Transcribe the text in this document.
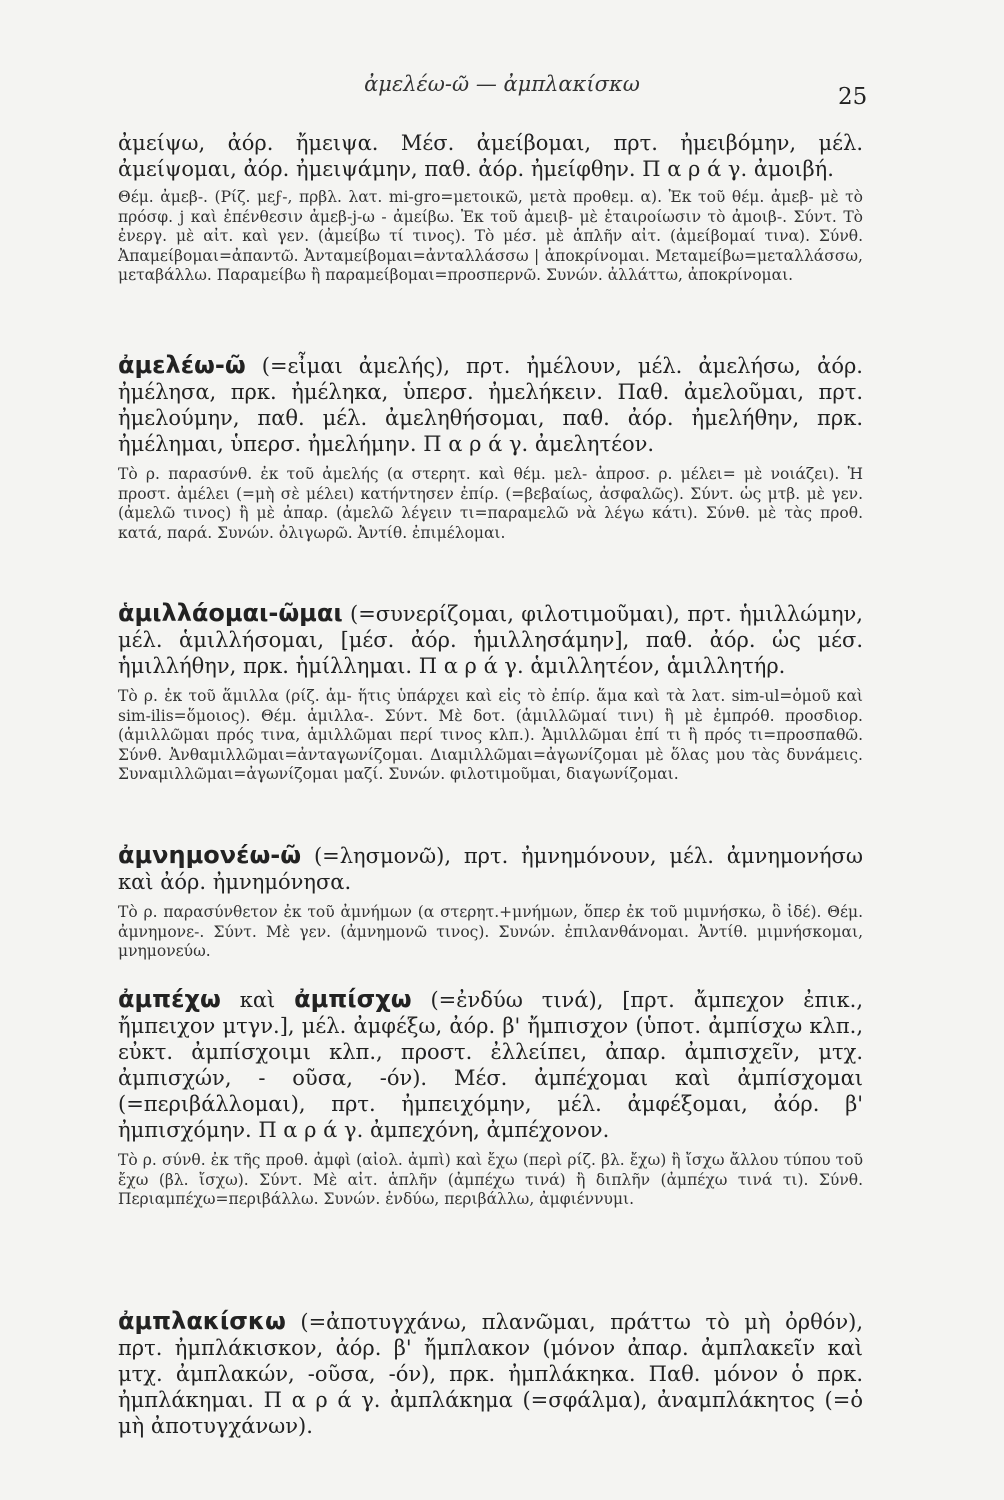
ἀμελέω-ῶ — ἀμπλακίσκω	25

ἀμείψω, ἀόρ. ἤμειψα. Μέσ. ἀμείβομαι, πρτ. ἠμειβόμην, μέλ. ἀμείψομαι, ἀόρ. ἠμειψάμην, παθ. ἀόρ. ἠμείφθην. Π α ρ ά γ. ἀμοιβή.

Θέμ. ἀμεβ-. (Ρίζ. μεϝ-, πρβλ. λατ. mi-gro=μετοικῶ, μετὰ προθεμ. α). Ἐκ τοῦ θέμ. ἀμεβ- μὲ τὸ πρόσφ. j καὶ ἐπένθεσιν ἀμεβ-j-ω - ἀμείβω. Ἐκ τοῦ ἀμειβ- μὲ ἑταιροίωσιν τὸ ἀμοιβ-. Σύντ. Τὸ ἐνεργ. μὲ αἰτ. καὶ γεν. (ἀμείβω τί τινος). Τὸ μέσ. μὲ ἁπλῆν αἰτ. (ἀμείβομαί τινα). Σύνθ. Ἀπαμείβομαι=ἀπαντῶ. Ἀνταμείβομαι=ἀνταλλάσσω | ἀποκρίνομαι. Μεταμείβω=μεταλλάσσω, μεταβάλλω. Παραμείβω ἢ παραμείβομαι=προσπερνῶ. Συνών. ἀλλάττω, ἀποκρίνομαι.

ἀμελέω-ῶ (=εἶμαι ἀμελής), πρτ. ἠμέλουν, μέλ. ἀμελήσω, ἀόρ. ἠμέλησα, πρκ. ἠμέληκα, ὑπερσ. ἠμελήκειν. Παθ. ἀμελοῦμαι, πρτ. ἠμελούμην, παθ. μέλ. ἀμεληθήσομαι, παθ. ἀόρ. ἠμελήθην, πρκ. ἠμέλημαι, ὑπερσ. ἠμελήμην. Π α ρ ά γ. ἀμελητέον.

Τὸ ρ. παρασύνθ. ἐκ τοῦ ἀμελής (α στερητ. καὶ θέμ. μελ- ἀπροσ. ρ. μέλει= μὲ νοιάζει). Ἡ προστ. ἀμέλει (=μὴ σὲ μέλει) κατήντησεν ἐπίρ. (=βεβαίως, ἀσφαλῶς). Σύντ. ὡς μτβ. μὲ γεν. (ἀμελῶ τινος) ἢ μὲ ἀπαρ. (ἀμελῶ λέγειν τι=παραμελῶ νὰ λέγω κάτι). Σύνθ. μὲ τὰς προθ. κατά, παρά. Συνών. ὀλιγωρῶ. Ἀντίθ. ἐπιμέλομαι.

ἁμιλλάομαι-ῶμαι (=συνερίζομαι, φιλοτιμοῦμαι), πρτ. ἡμιλλώμην, μέλ. ἁμιλλήσομαι, [μέσ. ἀόρ. ἡμιλλησάμην], παθ. ἀόρ. ὡς μέσ. ἡμιλλήθην, πρκ. ἡμίλλημαι. Π α ρ ά γ. ἁμιλλητέον, ἁμιλλητήρ.

Τὸ ρ. ἐκ τοῦ ἅμιλλα (ρίζ. ἁμ- ἥτις ὑπάρχει καὶ εἰς τὸ ἐπίρ. ἅμα καὶ τὰ λατ. sim-ul=ὁμοῦ καὶ sim-ilis=ὅμοιος). Θέμ. ἁμιλλα-. Σύντ. Μὲ δοτ. (ἁμιλλῶμαί τινι) ἢ μὲ ἐμπρόθ. προσδιορ. (ἁμιλλῶμαι πρός τινα, ἁμιλλῶμαι περί τινος κλπ.). Ἁμιλλῶμαι ἐπί τι ἢ πρός τι=προσπαθῶ. Σύνθ. Ἀνθαμιλλῶμαι=ἀνταγωνίζομαι. Διαμιλλῶμαι=ἀγωνίζομαι μὲ ὅλας μου τὰς δυνάμεις. Συναμιλλῶμαι=ἀγωνίζομαι μαζί. Συνών. φιλοτιμοῦμαι, διαγωνίζομαι.

ἀμνημονέω-ῶ (=λησμονῶ), πρτ. ἠμνημόνουν, μέλ. ἀμνημονήσω καὶ ἀόρ. ἠμνημόνησα.

Τὸ ρ. παρασύνθετον ἐκ τοῦ ἀμνήμων (α στερητ.+μνήμων, ὅπερ ἐκ τοῦ μιμνήσκω, ὃ ἰδέ). Θέμ. ἀμνημονε-. Σύντ. Μὲ γεν. (ἀμνημονῶ τινος). Συνών. ἐπιλανθάνομαι. Ἀντίθ. μιμνήσκομαι, μνημονεύω.

ἀμπέχω καὶ ἀμπίσχω (=ἐνδύω τινά), [πρτ. ἄμπεχον ἐπικ., ἤμπειχον μτγν.], μέλ. ἀμφέξω, ἀόρ. β' ἤμπισχον (ὑποτ. ἀμπίσχω κλπ., εὐκτ. ἀμπίσχοιμι κλπ., προστ. ἐλλείπει, ἀπαρ. ἀμπισχεῖν, μτχ. ἀμπισχών, - οῦσα, -όν). Μέσ. ἀμπέχομαι καὶ ἀμπίσχομαι (=περιβάλλομαι), πρτ. ἠμπειχόμην, μέλ. ἀμφέξομαι, ἀόρ. β' ἠμπισχόμην. Π α ρ ά γ. ἀμπεχόνη, ἀμπέχονον.

Τὸ ρ. σύνθ. ἐκ τῆς προθ. ἀμφὶ (αἰολ. ἀμπὶ) καὶ ἔχω (περὶ ρίζ. βλ. ἔχω) ἢ ἴσχω ἄλλου τύπου τοῦ ἔχω (βλ. ἴσχω). Σύντ. Μὲ αἰτ. ἁπλῆν (ἀμπέχω τινά) ἢ διπλῆν (ἀμπέχω τινά τι). Σύνθ. Περιαμπέχω=περιβάλλω. Συνών. ἐνδύω, περιβάλλω, ἀμφιέννυμι.

ἀμπλακίσκω (=ἀποτυγχάνω, πλανῶμαι, πράττω τὸ μὴ ὀρθόν), πρτ. ἠμπλάκισκον, ἀόρ. β' ἤμπλακον (μόνον ἀπαρ. ἀμπλακεῖν καὶ μτχ. ἀμπλακών, -οῦσα, -όν), πρκ. ἠμπλάκηκα. Παθ. μόνον ὁ πρκ. ἠμπλάκημαι. Π α ρ ά γ. ἀμπλάκημα (=σφάλμα), ἀναμπλάκητος (=ὁ μὴ ἀποτυγχάνων).
